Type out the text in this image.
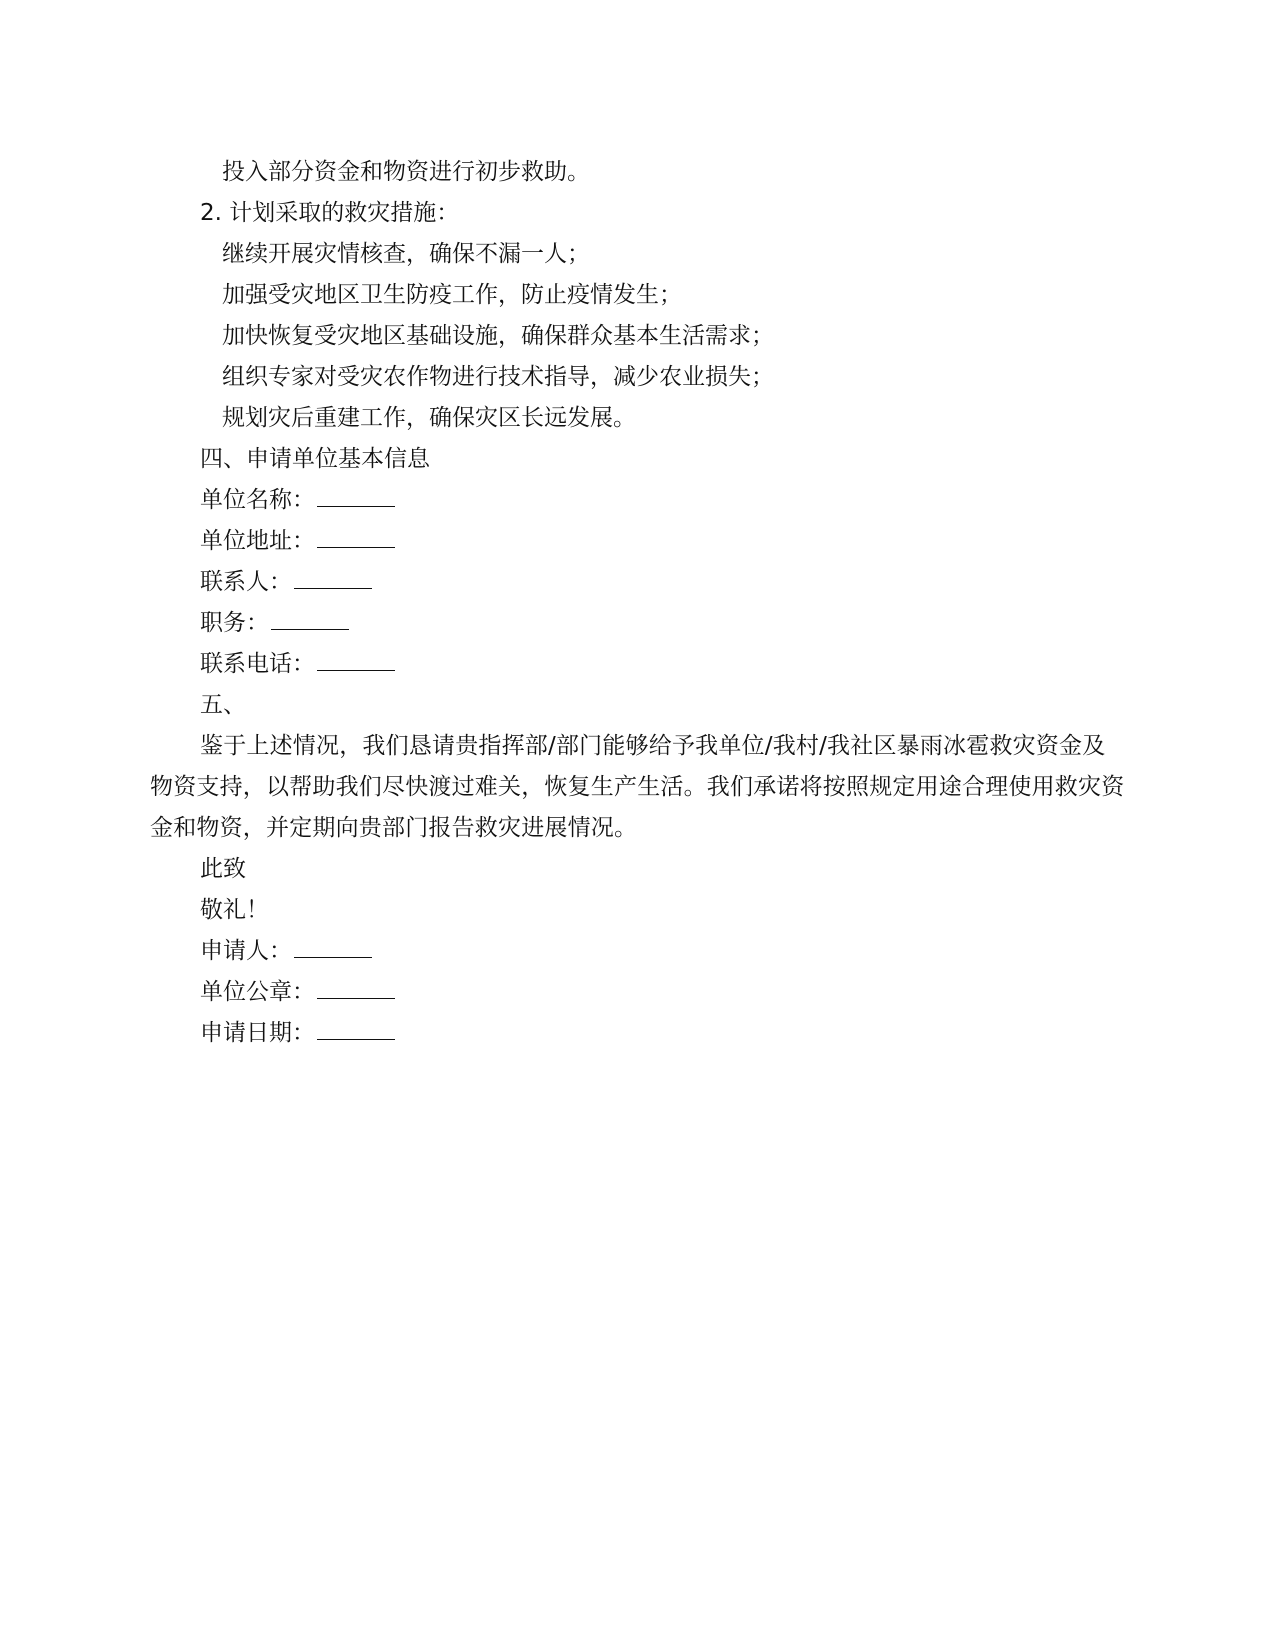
投入部分资金和物资进行初步救助。
2. 计划采取的救灾措施：
继续开展灾情核查，确保不漏一人；
加强受灾地区卫生防疫工作，防止疫情发生；
加快恢复受灾地区基础设施，确保群众基本生活需求；
组织专家对受灾农作物进行技术指导，减少农业损失；
规划灾后重建工作，确保灾区长远发展。
四、申请单位基本信息
单位名称：
单位地址：
联系人：
职务：
联系电话：
五、
鉴于上述情况，我们恳请贵指挥部/部门能够给予我单位/我村/我社区暴雨冰雹救灾资金及物资支持，以帮助我们尽快渡过难关，恢复生产生活。我们承诺将按照规定用途合理使用救灾资金和物资，并定期向贵部门报告救灾进展情况。
此致
敬礼！
申请人：
单位公章：
申请日期：
